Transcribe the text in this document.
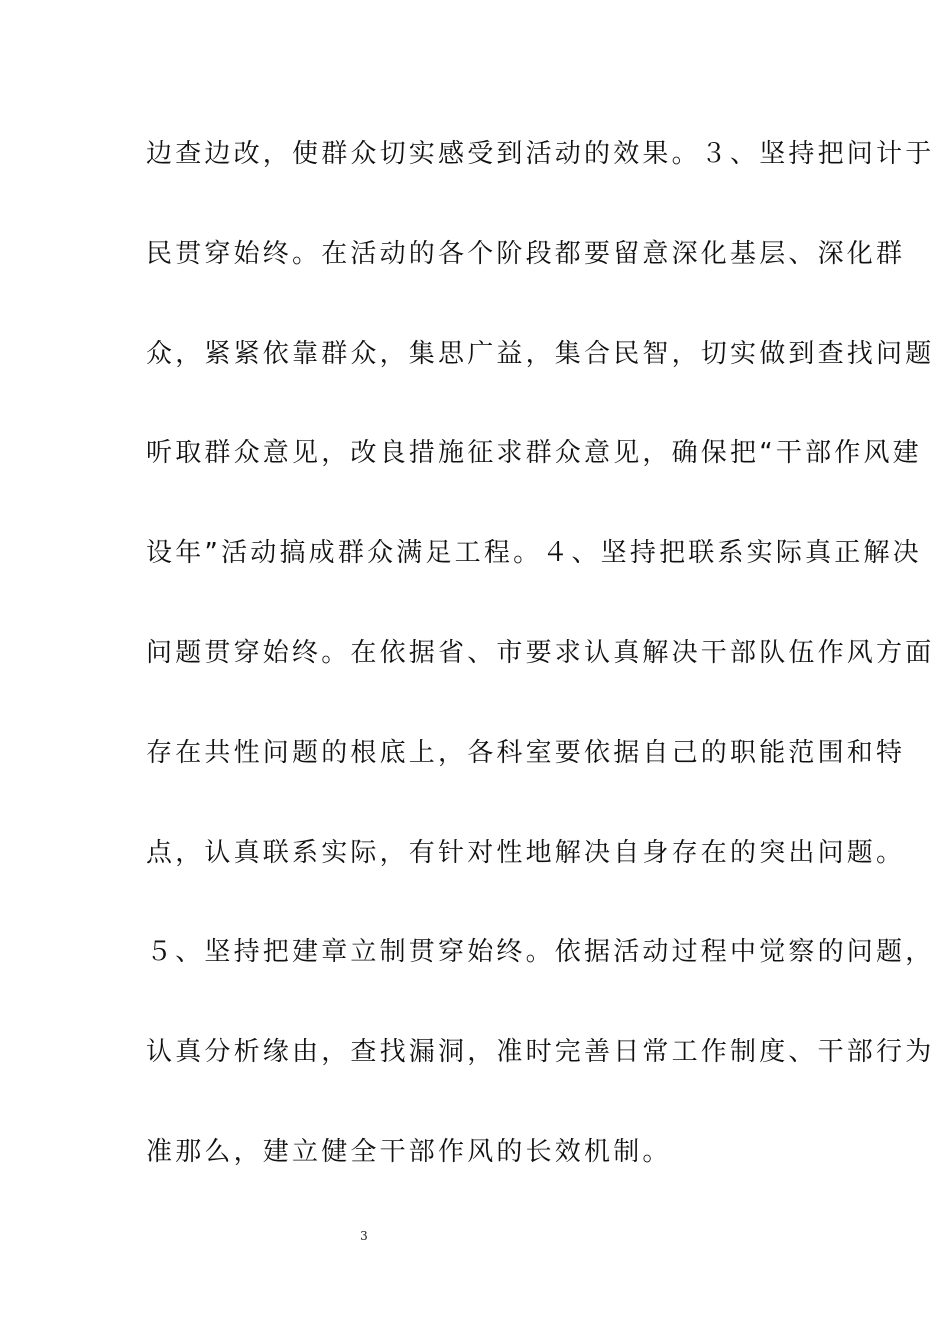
边查边改，使群众切实感受到活动的效果。３、坚持把问计于
民贯穿始终。在活动的各个阶段都要留意深化基层、深化群
众，紧紧依靠群众，集思广益，集合民智，切实做到查找问题
听取群众意见，改良措施征求群众意见，确保把“干部作风建
设年”活动搞成群众满足工程。４、坚持把联系实际真正解决
问题贯穿始终。在依据省、市要求认真解决干部队伍作风方面
存在共性问题的根底上，各科室要依据自己的职能范围和特
点，认真联系实际，有针对性地解决自身存在的突出问题。
５、坚持把建章立制贯穿始终。依据活动过程中觉察的问题，
认真分析缘由，查找漏洞，准时完善日常工作制度、干部行为
准那么，建立健全干部作风的长效机制。
3
